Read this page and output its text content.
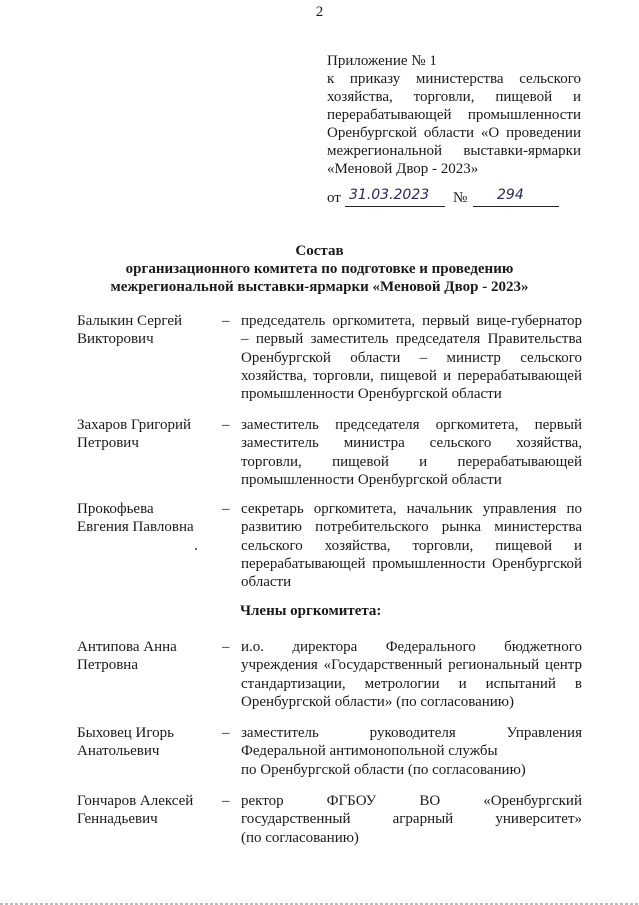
2
Приложение № 1
к приказу министерства сельского
хозяйства, торговли, пищевой и
перерабатывающей промышленности
Оренбургской области «О проведении
межрегиональной выставки-ярмарки
«Меновой Двор - 2023»
от 31.03.2023 № 294
Состав
организационного комитета по подготовке и проведению
межрегиональной выставки-ярмарки «Меновой Двор - 2023»
Балыкин Сергей
Викторович
– председатель оргкомитета, первый вице-губернатор
– первый заместитель председателя Правительства
Оренбургской области – министр сельского
хозяйства, торговли, пищевой и перерабатывающей
промышленности Оренбургской области
Захаров Григорий
Петрович
– заместитель председателя оргкомитета, первый
заместитель министра сельского хозяйства,
торговли, пищевой и перерабатывающей
промышленности Оренбургской области
Прокофьева
Евгения Павловна
– секретарь оргкомитета, начальник управления по
развитию потребительского рынка министерства
сельского хозяйства, торговли, пищевой и
перерабатывающей промышленности Оренбургской
области
Члены оргкомитета:
Антипова Анна
Петровна
– и.о. директора Федерального бюджетного
учреждения «Государственный региональный центр
стандартизации, метрологии и испытаний в
Оренбургской области» (по согласованию)
Быховец Игорь
Анатольевич
– заместитель руководителя Управления
Федеральной антимонопольной службы
по Оренбургской области (по согласованию)
Гончаров Алексей
Геннадьевич
– ректор ФГБОУ ВО «Оренбургский
государственный аграрный университет»
(по согласованию)
